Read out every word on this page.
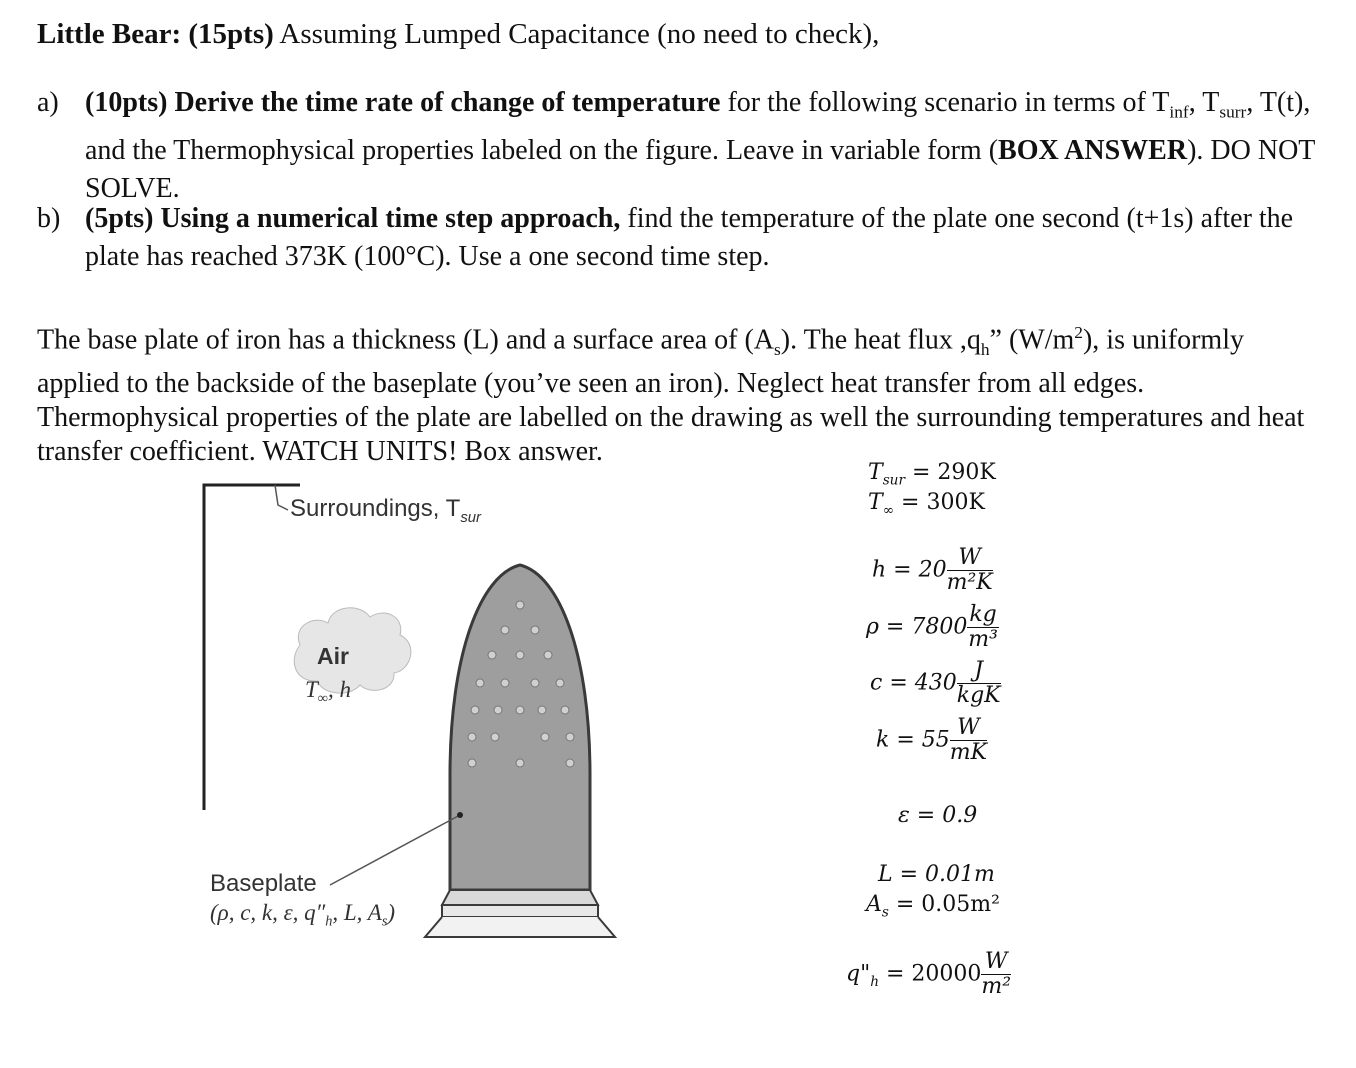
Little Bear: (15pts) Assuming Lumped Capacitance (no need to check),
a) (10pts) Derive the time rate of change of temperature for the following scenario in terms of $T_{inf}$, $T_{surr}$, T(t), and the Thermophysical properties labeled on the figure. Leave in variable form (BOX ANSWER). DO NOT SOLVE.
b) (5pts) Using a numerical time step approach, find the temperature of the plate one second (t+1s) after the plate has reached 373K (100°C). Use a one second time step.
The base plate of iron has a thickness (L) and a surface area of $(A_s)$. The heat flux $,q_h$” $(W/m^2)$, is uniformly applied to the backside of the baseplate (you’ve seen an iron). Neglect heat transfer from all edges. Thermophysical properties of the plate are labelled on the drawing as well the surrounding temperatures and heat transfer coefficient. WATCH UNITS! Box answer.
Surroundings, $T_{sur}$
Air
$T_\infty$, h
Baseplate
(ρ, c, k, ε, $q''_h$, L, $A_s$)
$T_{sur} = 290K$
$T_\infty = 300K$
$h = 20 \frac{W}{\text{m²K}}$
$\rho = 7800 \frac{kg}{\text{m³}}$
$c = 430 \frac{J}{\text{kgK}}$
$k = 55 \frac{W}{mK}$
ε = 0.9
L = 0.01m
$A_s = 0.05m^2$
$q"_h = 20000 \frac{W}{\text{m²}}$
